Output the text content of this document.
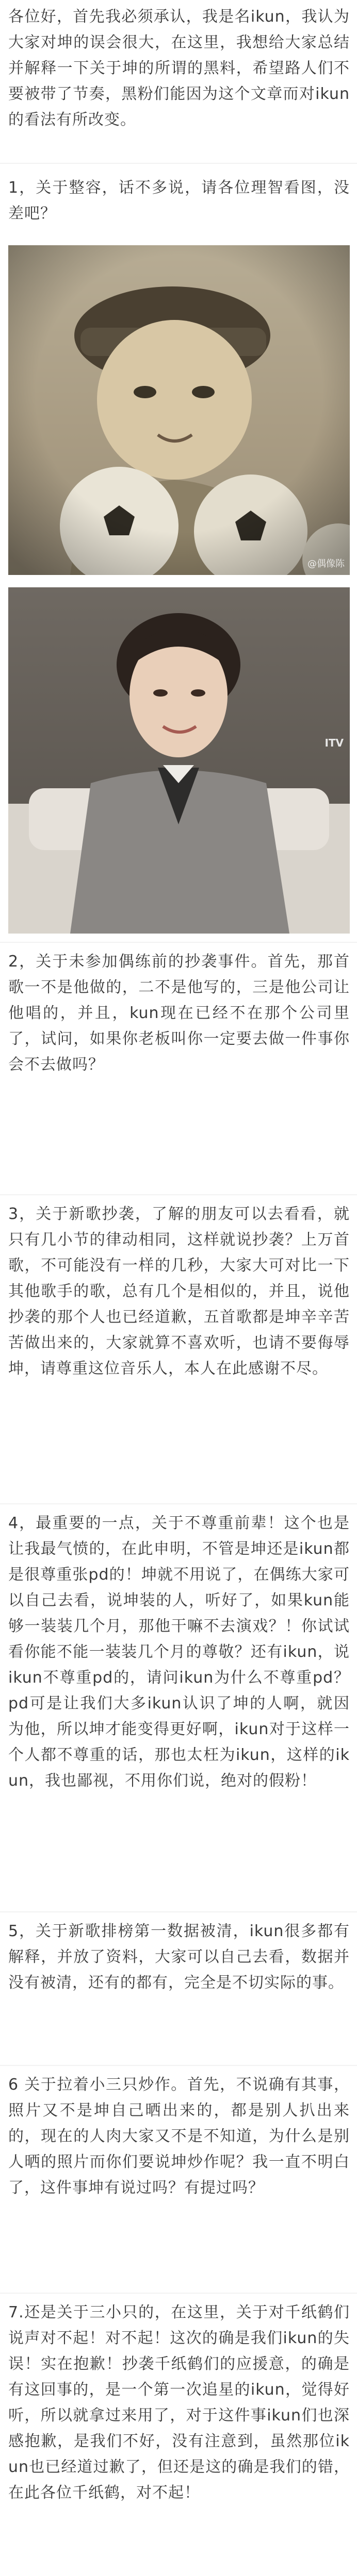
各位好，首先我必须承认，我是名ikun，我认为大家对坤的误会很大，在这里，我想给大家总结并解释一下关于坤的所谓的黑料，希望路人们不要被带了节奏，黑粉们能因为这个文章而对ikun的看法有所改变。

1，关于整容，话不多说，请各位理智看图，没差吧？

@偶像陈
ITV

2，关于未参加偶练前的抄袭事件。首先，那首歌一不是他做的，二不是他写的，三是他公司让他唱的，并且，kun现在已经不在那个公司里了，试问，如果你老板叫你一定要去做一件事你会不去做吗？

3，关于新歌抄袭，了解的朋友可以去看看，就只有几小节的律动相同，这样就说抄袭？上万首歌，不可能没有一样的几秒，大家大可对比一下其他歌手的歌，总有几个是相似的，并且，说他抄袭的那个人也已经道歉，五首歌都是坤辛辛苦苦做出来的，大家就算不喜欢听，也请不要侮辱坤，请尊重这位音乐人，本人在此感谢不尽。

4，最重要的一点，关于不尊重前辈！这个也是让我最气愤的，在此申明，不管是坤还是ikun都是很尊重张pd的！坤就不用说了，在偶练大家可以自己去看，说坤装的人，听好了，如果kun能够一装装几个月，那他干嘛不去演戏？！你试试看你能不能一装装几个月的尊敬？还有ikun，说ikun不尊重pd的，请问ikun为什么不尊重pd？pd可是让我们大多ikun认识了坤的人啊，就因为他，所以坤才能变得更好啊，ikun对于这样一个人都不尊重的话，那也太枉为ikun，这样的ikun，我也鄙视，不用你们说，绝对的假粉！

5，关于新歌排榜第一数据被清，ikun很多都有解释，并放了资料，大家可以自己去看，数据并没有被清，还有的都有，完全是不切实际的事。

6 关于拉着小三只炒作。首先，不说确有其事，照片又不是坤自己晒出来的，都是别人扒出来的，现在的人肉大家又不是不知道，为什么是别人晒的照片而你们要说坤炒作呢？我一直不明白了，这件事坤有说过吗？有提过吗？

7.还是关于三小只的，在这里，关于对千纸鹤们说声对不起！对不起！这次的确是我们ikun的失误！实在抱歉！抄袭千纸鹤们的应援意，的确是有这回事的，是一个第一次追星的ikun，觉得好听，所以就拿过来用了，对于这件事ikun们也深感抱歉，是我们不好，没有注意到，虽然那位ikun也已经道过歉了，但还是这的确是我们的错，在此各位千纸鹤，对不起！
